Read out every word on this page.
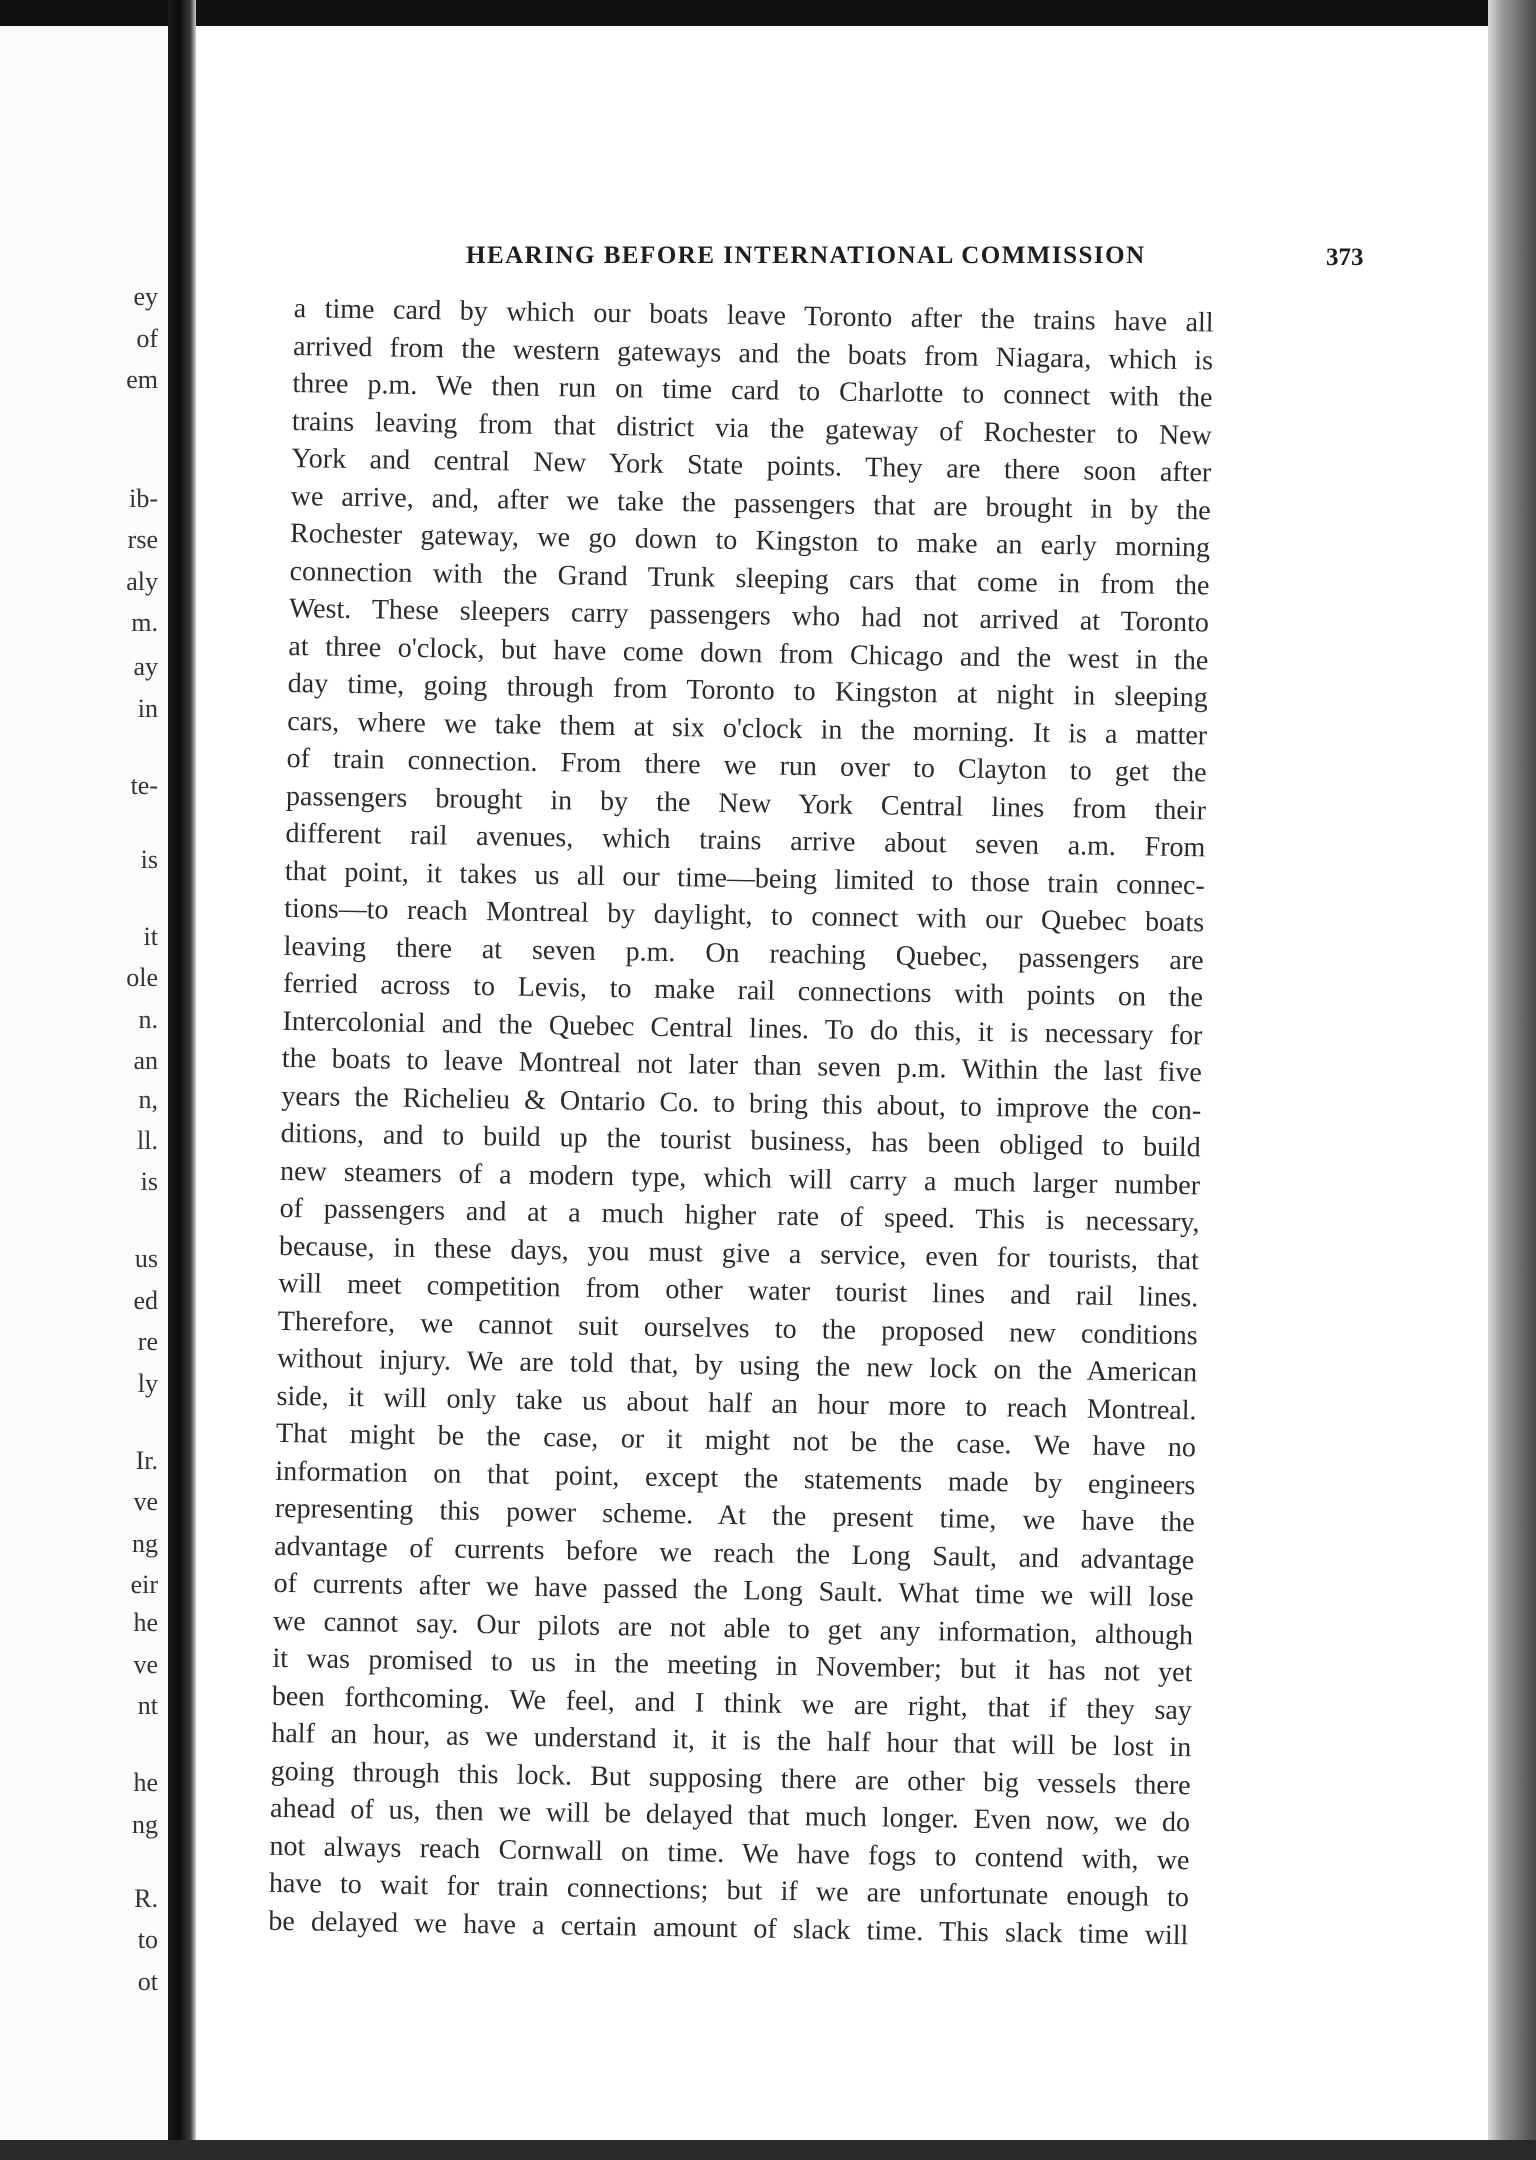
ey
of
em
ib-
rse
aly
m.
ay
in
te-
is
it
ole
n.
an
n,
ll.
is
us
ed
re
ly
Ir.
ve
ng
eir
he
ve
nt
he
ng
R.
to
ot
HEARING BEFORE INTERNATIONAL COMMISSION	373
a time card by which our boats leave Toronto after the trains have all
arrived from the western gateways and the boats from Niagara, which is
three p.m. We then run on time card to Charlotte to connect with the
trains leaving from that district via the gateway of Rochester to New
York and central New York State points. They are there soon after
we arrive, and, after we take the passengers that are brought in by the
Rochester gateway, we go down to Kingston to make an early morning
connection with the Grand Trunk sleeping cars that come in from the
West. These sleepers carry passengers who had not arrived at Toronto
at three o'clock, but have come down from Chicago and the west in the
day time, going through from Toronto to Kingston at night in sleeping
cars, where we take them at six o'clock in the morning. It is a matter
of train connection. From there we run over to Clayton to get the
passengers brought in by the New York Central lines from their
different rail avenues, which trains arrive about seven a.m. From
that point, it takes us all our time—being limited to those train connec-
tions—to reach Montreal by daylight, to connect with our Quebec boats
leaving there at seven p.m. On reaching Quebec, passengers are
ferried across to Levis, to make rail connections with points on the
Intercolonial and the Quebec Central lines. To do this, it is necessary for
the boats to leave Montreal not later than seven p.m. Within the last five
years the Richelieu & Ontario Co. to bring this about, to improve the con-
ditions, and to build up the tourist business, has been obliged to build
new steamers of a modern type, which will carry a much larger number
of passengers and at a much higher rate of speed. This is necessary,
because, in these days, you must give a service, even for tourists, that
will meet competition from other water tourist lines and rail lines.
Therefore, we cannot suit ourselves to the proposed new conditions
without injury. We are told that, by using the new lock on the American
side, it will only take us about half an hour more to reach Montreal.
That might be the case, or it might not be the case. We have no
information on that point, except the statements made by engineers
representing this power scheme. At the present time, we have the
advantage of currents before we reach the Long Sault, and advantage
of currents after we have passed the Long Sault. What time we will lose
we cannot say. Our pilots are not able to get any information, although
it was promised to us in the meeting in November; but it has not yet
been forthcoming. We feel, and I think we are right, that if they say
half an hour, as we understand it, it is the half hour that will be lost in
going through this lock. But supposing there are other big vessels there
ahead of us, then we will be delayed that much longer. Even now, we do
not always reach Cornwall on time. We have fogs to contend with, we
have to wait for train connections; but if we are unfortunate enough to
be delayed we have a certain amount of slack time. This slack time will
